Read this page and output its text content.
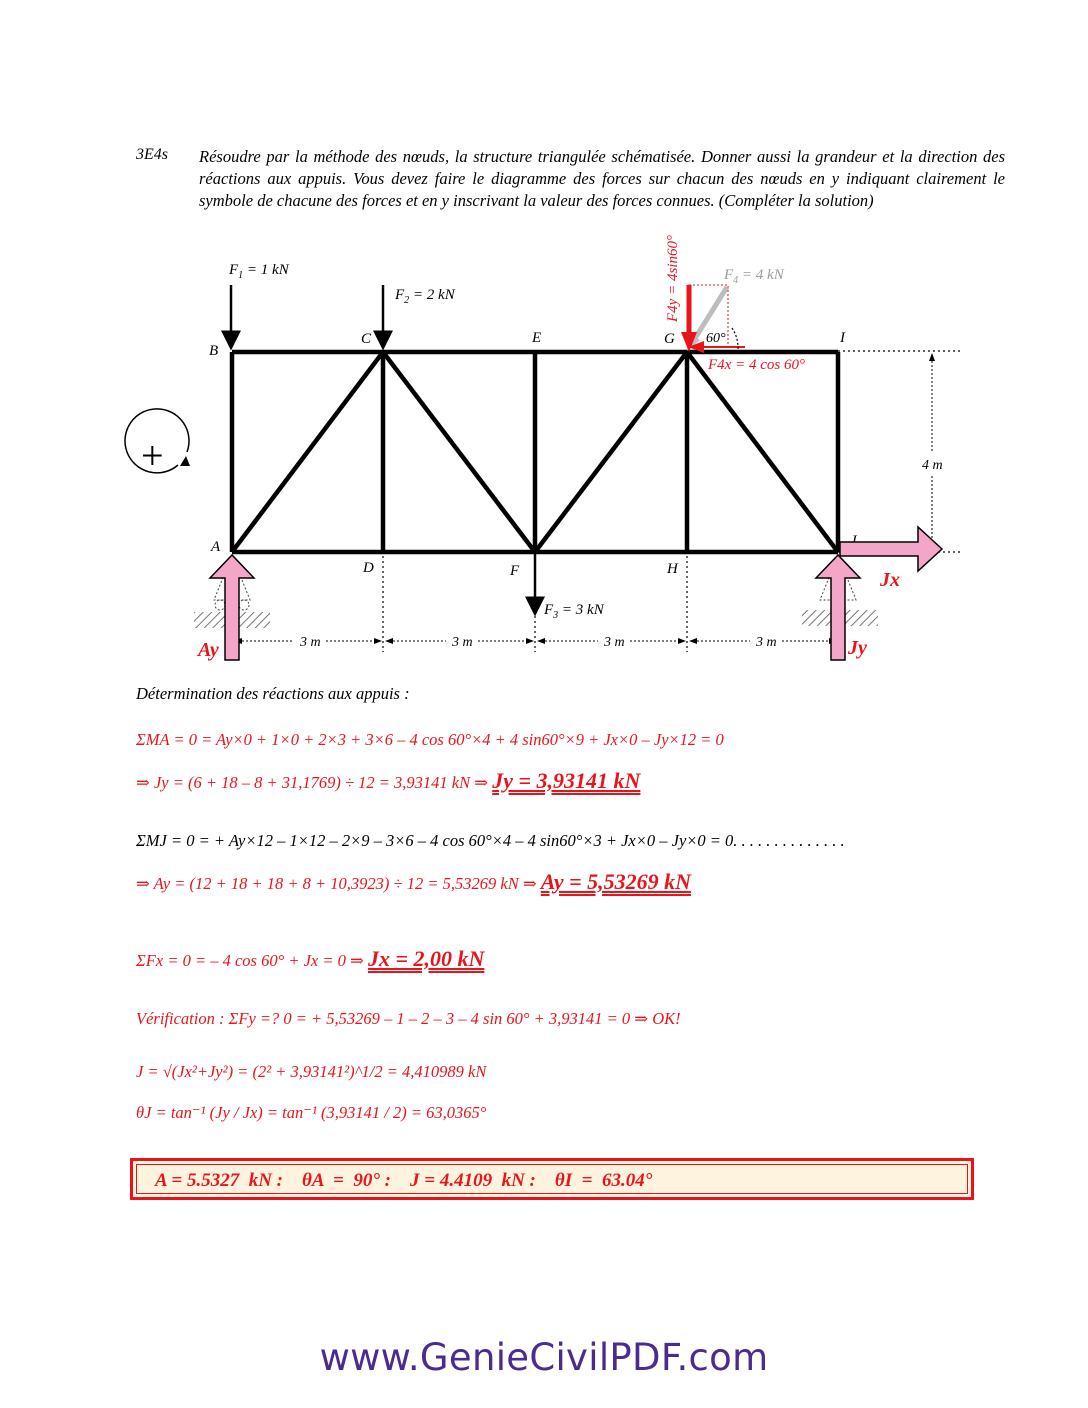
3E4s Résoudre par la méthode des nœuds, la structure triangulée schématisée. Donner aussi la grandeur et la direction des réactions aux appuis. Vous devez faire le diagramme des forces sur chacun des nœuds en y indiquant clairement le symbole de chacune des forces et en y inscrivant la valeur des forces connues. (Compléter la solution)
3 m	3 m	3 m	3 m
4 m
B
C	E	G	I
A
D	F	H
J
$F_1 = 1$ kN
$F_2 = 2$ kN
$F_3 = 3$ kN
$F_4 = 4$ kN
60°
F4y = 4sin60°
F4x = 4 cos 60°
Ay	Jy
Jx
+
Détermination des réactions aux appuis :
ΣMA = 0 = Ay×0 + 1×0 + 2×3 + 3×6 – 4 cos 60°×4 + 4 sin60°×9 + Jx×0 – Jy×12 = 0
⇒ Jy = (6 + 18 – 8 + 31,1769) ÷ 12 = 3,93141 kN ⇒ Jy = 3,93141 kN
ΣMJ = 0 = + Ay×12 – 1×12 – 2×9 – 3×6 – 4 cos 60°×4 – 4 sin60°×3 + Jx×0 – Jy×0 = 0. . . . . . . . . . . . . .
⇒ Ay = (12 + 18 + 18 + 8 + 10,3923) ÷ 12 = 5,53269 kN ⇒ Ay = 5,53269 kN
ΣFx = 0 = – 4 cos 60° + Jx = 0 ⇒ Jx = 2,00 kN
Vérification : ΣFy =? 0 = + 5,53269 – 1 – 2 – 3 – 4 sin 60° + 3,93141 = 0 ⇒ OK!
J = √(Jx²+Jy²) = (2² + 3,93141²)^1/2 = 4,410989 kN
θJ = tan⁻¹ (Jy / Jx) = tan⁻¹ (3,93141 / 2) = 63,0365°
A = 5.5327  kN :    θA  =  90° :    J = 4.4109  kN :    θI  =  63.04°
www.GenieCivilPDF.com
